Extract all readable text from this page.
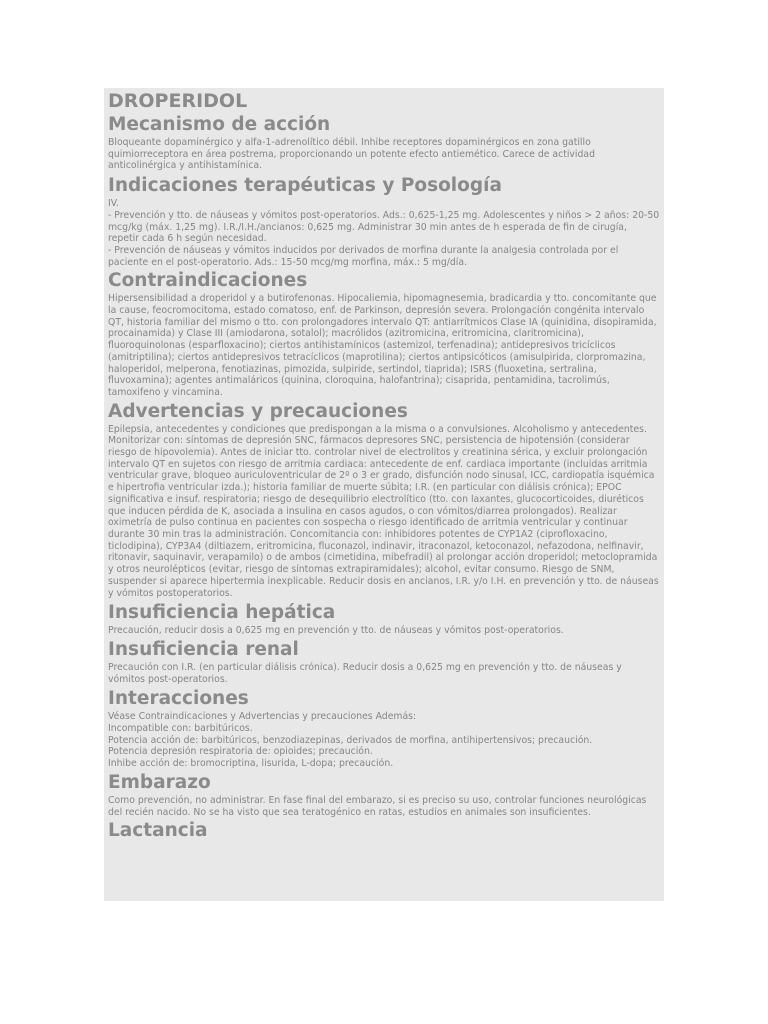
DROPERIDOL
Mecanismo de acción
Bloqueante dopaminérgico y alfa-1-adrenolítico débil. Inhibe receptores dopaminérgicos en zona gatillo quimiorreceptora en área postrema, proporcionando un potente efecto antiemético. Carece de actividad anticolinérgica y antihistamínica.
Indicaciones terapéuticas y Posología
IV.
- Prevención y tto. de náuseas y vómitos post-operatorios. Ads.: 0,625-1,25 mg. Adolescentes y niños > 2 años: 20-50 mcg/kg (máx. 1,25 mg). I.R./I.H./ancianos: 0,625 mg. Administrar 30 min antes de h esperada de fin de cirugía, repetir cada 6 h según necesidad.
- Prevención de náuseas y vómitos inducidos por derivados de morfina durante la analgesia controlada por el paciente en el post-operatorio. Ads.: 15-50 mcg/mg morfina, máx.: 5 mg/día.
Contraindicaciones
Hipersensibilidad a droperidol y a butirofenonas. Hipocaliemia, hipomagnesemia, bradicardia y tto. concomitante que la cause, feocromocitoma, estado comatoso, enf. de Parkinson, depresión severa. Prolongación congénita intervalo QT, historia familiar del mismo o tto. con prolongadores intervalo QT: antiarrítmicos Clase IA (quinidina, disopiramida, procainamida) y Clase III (amiodarona, sotalol); macrólidos (azitromicina, eritromicina, claritromicina), fluoroquinolonas (esparfloxacino); ciertos antihistamínicos (astemizol, terfenadina); antidepresivos tricíclicos (amitriptilina); ciertos antidepresivos tetracíclicos (maprotilina); ciertos antipsicóticos (amisulpirida, clorpromazina, haloperidol, melperona, fenotiazinas, pimozida, sulpiride, sertindol, tiaprida); ISRS (fluoxetina, sertralina, fluvoxamina); agentes antimaláricos (quinina, cloroquina, halofantrina); cisaprida, pentamidina, tacrolimús, tamoxifeno y vincamina.
Advertencias y precauciones
Epilepsia, antecedentes y condiciones que predispongan a la misma o a convulsiones. Alcoholismo y antecedentes. Monitorizar con: síntomas de depresión SNC, fármacos depresores SNC, persistencia de hipotensión (considerar riesgo de hipovolemia). Antes de iniciar tto. controlar nivel de electrolitos y creatinina sérica, y excluir prolongación intervalo QT en sujetos con riesgo de arritmia cardiaca: antecedente de enf. cardiaca importante (incluidas arritmia ventricular grave, bloqueo auriculoventricular de 2º o 3 er grado, disfunción nodo sinusal, ICC, cardiopatía isquémica e hipertrofia ventricular izda.); historia familiar de muerte súbita; I.R. (en particular con diálisis crónica); EPOC significativa e insuf. respiratoria; riesgo de desequilibrio electrolítico (tto. con laxantes, glucocorticoides, diuréticos que inducen pérdida de K, asociada a insulina en casos agudos, o con vómitos/diarrea prolongados). Realizar oximetría de pulso continua en pacientes con sospecha o riesgo identificado de arritmia ventricular y continuar durante 30 min tras la administración. Concomitancia con: inhibidores potentes de CYP1A2 (ciprofloxacino, ticlodipina), CYP3A4 (diltiazem, eritromicina, fluconazol, indinavir, itraconazol, ketoconazol, nefazodona, nelfinavir, ritonavir, saquinavir, verapamilo) o de ambos (cimetidina, mibefradil) al prolongar acción droperidol; metoclopramida y otros neurolépticos (evitar, riesgo de síntomas extrapiramidales); alcohol, evitar consumo. Riesgo de SNM, suspender si aparece hipertermia inexplicable. Reducir dosis en ancianos, I.R. y/o I.H. en prevención y tto. de náuseas y vómitos postoperatorios.
Insuficiencia hepática
Precaución, reducir dosis a 0,625 mg en prevención y tto. de náuseas y vómitos post-operatorios.
Insuficiencia renal
Precaución con I.R. (en particular diálisis crónica). Reducir dosis a 0,625 mg en prevención y tto. de náuseas y vómitos post-operatorios.
Interacciones
Véase Contraindicaciones y Advertencias y precauciones Además:
Incompatible con: barbitúricos.
Potencia acción de: barbitúricos, benzodiazepinas, derivados de morfina, antihipertensivos; precaución.
Potencia depresión respiratoria de: opioides; precaución.
Inhibe acción de: bromocriptina, lisurida, L-dopa; precaución.
Embarazo
Como prevención, no administrar. En fase final del embarazo, si es preciso su uso, controlar funciones neurológicas del recién nacido. No se ha visto que sea teratogénico en ratas, estudios en animales son insuficientes.
Lactancia
